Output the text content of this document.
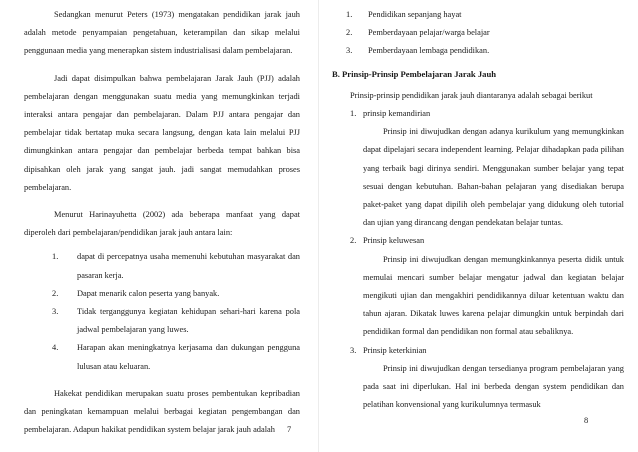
Sedangkan menurut Peters (1973) mengatakan pendidikan jarak jauh adalah metode penyampaian pengetahuan, keterampilan dan sikap melalui penggunaan media yang menerapkan sistem industrialisasi dalam pembelajaran.

Jadi dapat disimpulkan bahwa pembelajaran Jarak Jauh (PJJ) adalah pembelajaran dengan menggunakan suatu media yang memungkinkan terjadi interaksi antara pengajar dan pembelajaran. Dalam PJJ antara pengajar dan pembelajar tidak bertatap muka secara langsung, dengan kata lain melalui PJJ dimungkinkan antara pengajar dan pembelajar berbeda tempat bahkan bisa dipisahkan oleh jarak yang sangat jauh. jadi sangat memudahkan proses pembelajaran.

Menurut Harinayuhetta (2002) ada beberapa manfaat yang dapat diperoleh dari pembelajaran/pendidikan jarak jauh antara lain:

1. dapat di percepatnya usaha memenuhi kebutuhan masyarakat dan pasaran kerja.
2. Dapat menarik calon peserta yang banyak.
3. Tidak terganggunya kegiatan kehidupan sehari-hari karena pola jadwal pembelajaran yang luwes.
4. Harapan akan meningkatnya kerjasama dan dukungan pengguna lulusan atau keluaran.

Hakekat pendidikan merupakan suatu proses pembentukan kepribadian dan peningkatan kemampuan melalui berbagai kegiatan pengembangan dan pembelajaran. Adapun hakikat pendidikan system belajar jarak jauh adalah	7
1. Pendidikan sepanjang hayat
2. Pemberdayaan pelajar/warga belajar
3. Pemberdayaan lembaga pendidikan.

B. Prinsip-Prinsip Pembelajaran Jarak Jauh

Prinsip-prinsip pendidikan jarak jauh diantaranya adalah sebagai berikut

1. prinsip kemandirian

Prinsip ini diwujudkan dengan adanya kurikulum yang memungkinkan dapat dipelajari secara independent learning. Pelajar dihadapkan pada pilihan yang terbaik bagi dirinya sendiri. Menggunakan sumber belajar yang tepat sesuai dengan kebutuhan. Bahan-bahan pelajaran yang disediakan berupa paket-paket yang dapat dipilih oleh pembelajar yang didukung oleh tutorial dan ujian yang dirancang dengan pendekatan belajar tuntas.

2. Prinsip keluwesan

Prinsip ini diwujudkan dengan memungkinkannya peserta didik untuk memulai mencari sumber belajar mengatur jadwal dan kegiatan belajar mengikuti ujian dan mengakhiri pendidikannya diluar ketentuan waktu dan tahun ajaran. Dikatak luwes karena pelajar dimungkin untuk berpindah dari pendidikan formal dan pendidikan non formal atau sebaliknya.

3. Prinsip keterkinian

Prinsip ini diwujudkan dengan tersedianya program pembelajaran yang pada saat ini diperlukan. Hal ini berbeda dengan system pendidikan dan pelatihan konvensional yang kurikulumnya termasuk

8
